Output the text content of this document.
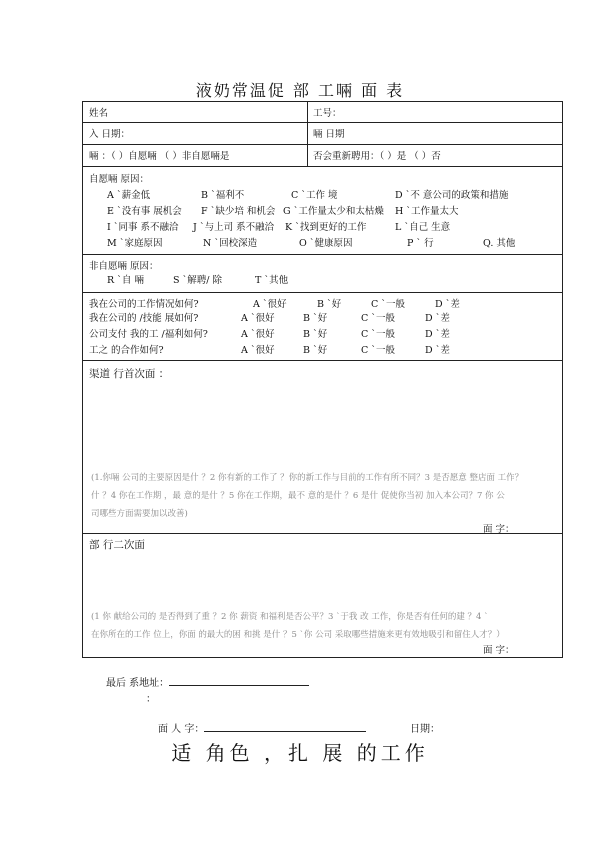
液奶常温促 部 工啢 面 表
姓名	工号：
入 日期：	啢 日期
啢 ：（ ）自愿啢 （ ）非自愿啢是	否会重新聘用：（ ）是 （ ）否
自愿啢 原因：
A `薪金低	B `福利不	C `工作 境	D `不 意公司的政策和措施
E `没有事 展机会 F `缺少培 和机会 G `工作量太少和太枯燥 H `工作量太大
I `同事 系不融洽 J `与上司 系不融洽 K `找到更好的工作	L `自己 生意
M `家庭原因	N `回校深造	O `健康原因	P ` 行	Q. 其他
非自愿啢 原因：
R `自 啢	S `解聘/ 除	T `其他
我在公司的工作情况如何?	A `很好	B `好	C `一般	D `差
我在公司的 /技能 展如何?	A `很好	B `好	C `一般	D `差
公司支付 我的工 /福利如何?	A `很好	B `好	C `一般	D `差
工之 的合作如何?	A `很好	B `好	C `一般	D `差
渠道 行首次面 ：
(1.你啢 公司的主要原因是什 ？2 你有新的工作了 ？你的新工作与目前的工作有所不同？3 是否愿意 整店面 工作？
什 ？4 你在工作期 ，最 意的是什 ？5 你在工作期，最不 意的是什 ？6 是什 促使你当初 加入本公司？7 你 公
司哪些方面需要加以改善)
面 字：
部 行二次面
(1 你 献给公司的 是否得到了重 ？2 你 薪资 和福利是否公平？3 `于我 改 工作，你是否有任何的建 ？4 `
在你所在的工作 位上，你面 的最大的困 和挑 是什 ？5 `你 公司 采取哪些措施来更有效地吸引和留住人才？）
面 字：
最后 系地址：
：
面 人 字：	日期：
适 角色 ，扎 展 的工作
